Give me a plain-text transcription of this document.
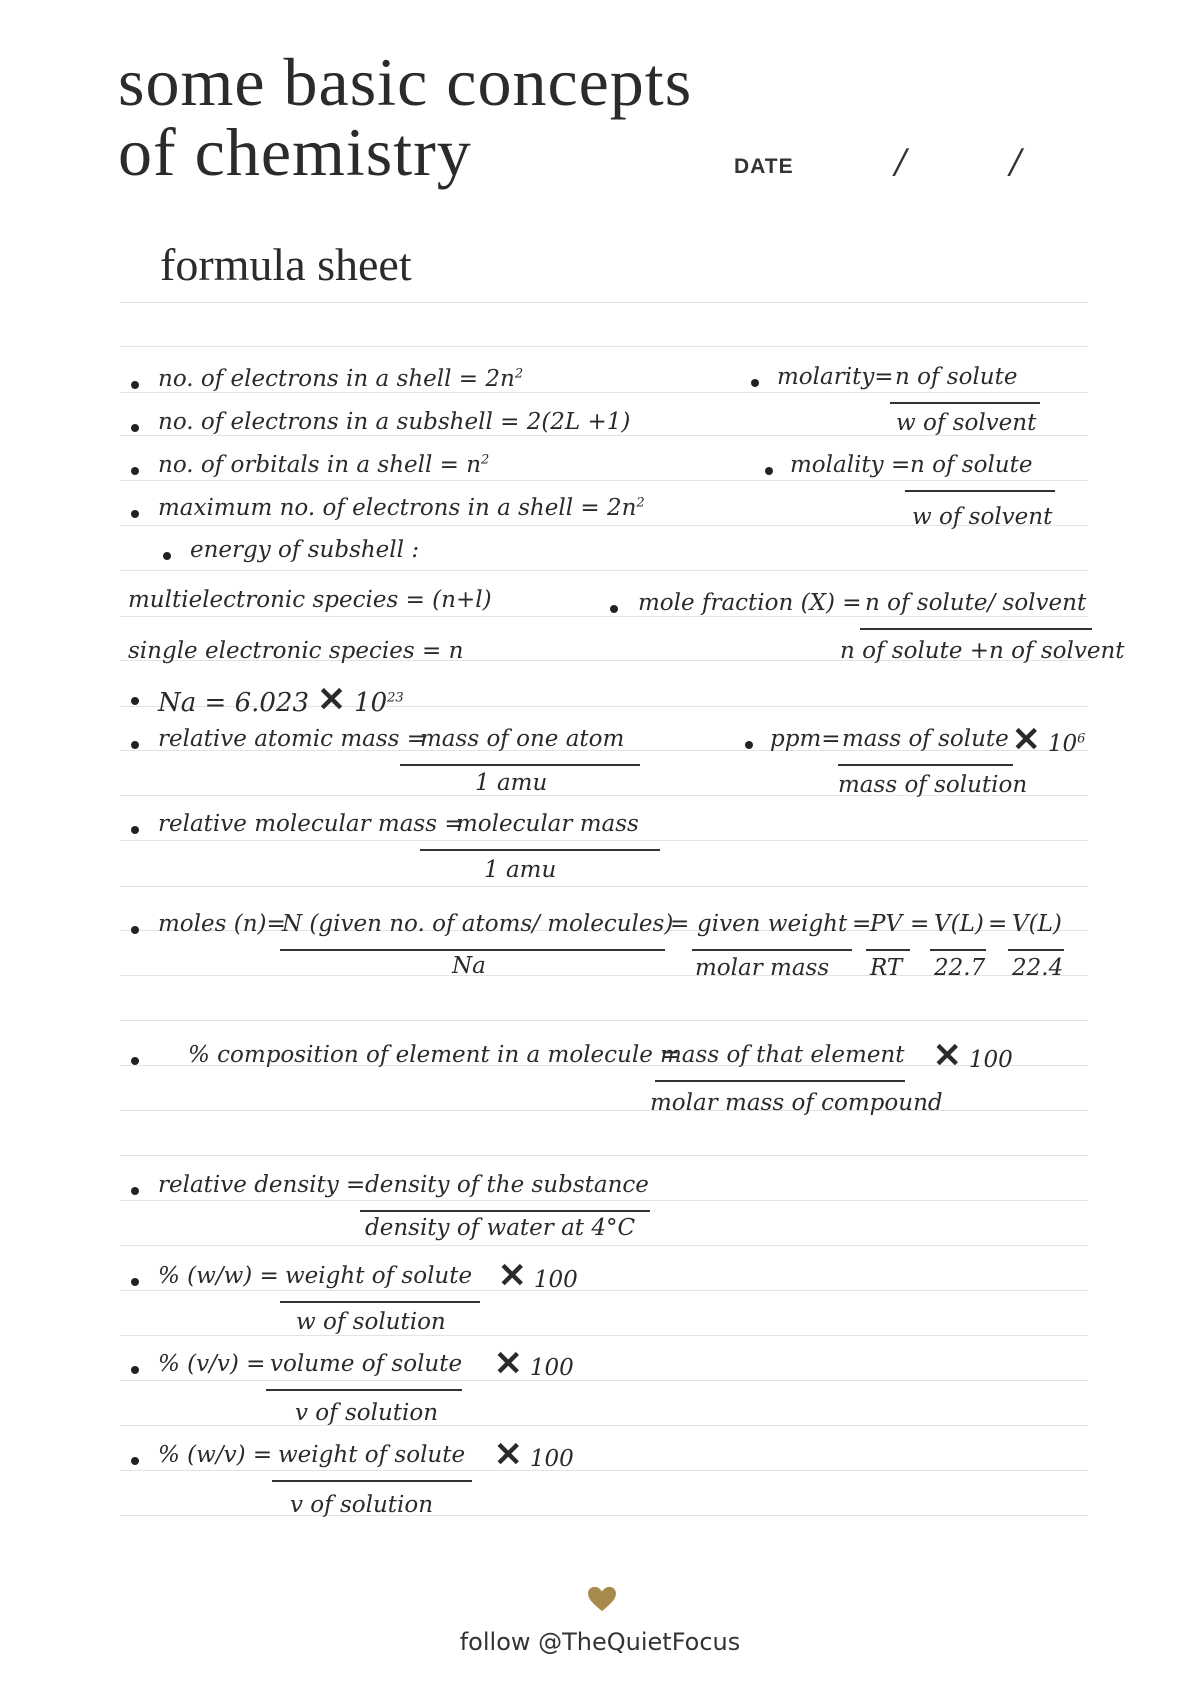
some basic concepts
of chemistry	DATE	/	/
formula sheet
no. of electrons in a shell = $2n^2$
no. of electrons in a subshell = 2(2L +1)
no. of orbitals in a shell = $n^2$
maximum no. of electrons in a shell = $2n^2$
energy of subshell :
multielectronic species = (n+l)
single electronic species = n
Na = 6.023 ✕ $10^{23}$
relative atomic mass =
mass of one atom
1 amu
relative molecular mass =
molecular mass
1 amu
moles (n)=
N (given no. of atoms/ molecules)
Na
= given weight
molar mass
=
PV
RT
= V(L)
22.7
= V(L)
22.4
% composition of element in a molecule =
mass of that element
molar mass of compound
✕ 100
relative density = density of the substance
density of water at 4°C
% (w/w) = weight of solute
w of solution
✕ 100
% (v/v) = volume of solute
v of solution
✕ 100
% (w/v) = weight of solute
v of solution
✕ 100
molarity= n of solute
w of solvent
molality = n of solute
w of solvent
mole fraction (X) = n of solute/ solvent
n of solute +n of solvent
ppm= mass of solute
mass of solution
✕ $10^6$
follow @TheQuietFocus
